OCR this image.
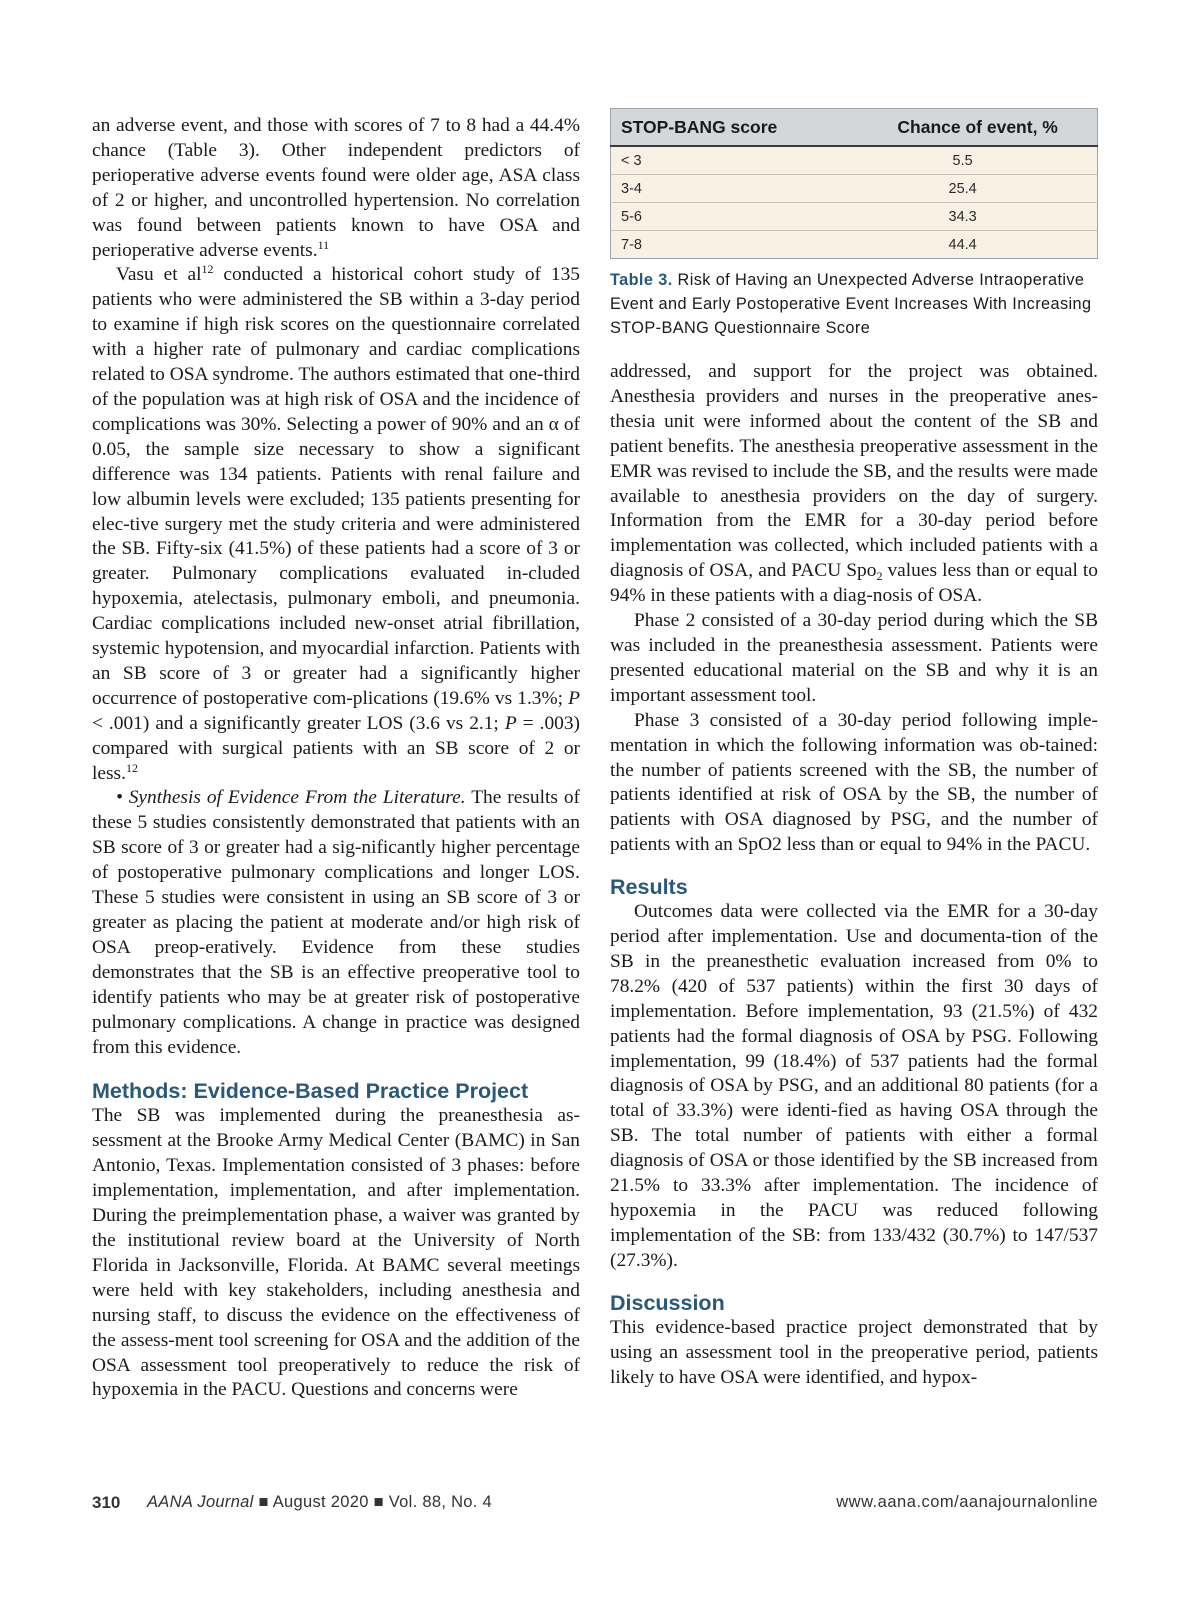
an adverse event, and those with scores of 7 to 8 had a 44.4% chance (Table 3). Other independent predictors of perioperative adverse events found were older age, ASA class of 2 or higher, and uncontrolled hypertension. No correlation was found between patients known to have OSA and perioperative adverse events.$^{11}$

Vasu et $al^{12}$ conducted a historical cohort study of 135 patients who were administered the SB within a 3-day period to examine if high risk scores on the questionnaire correlated with a higher rate of pulmonary and cardiac complications related to OSA syndrome. The authors estimated that one-third of the population was at high risk of OSA and the incidence of complications was 30%. Selecting a power of 90% and an α of 0.05, the sample size necessary to show a significant difference was 134 patients. Patients with renal failure and low albumin levels were excluded; 135 patients presenting for elec-tive surgery met the study criteria and were administered the SB. Fifty-six (41.5%) of these patients had a score of 3 or greater. Pulmonary complications evaluated in-cluded hypoxemia, atelectasis, pulmonary emboli, and pneumonia. Cardiac complications included new-onset atrial fibrillation, systemic hypotension, and myocardial infarction. Patients with an SB score of 3 or greater had a significantly higher occurrence of postoperative com-plications (19.6% vs 1.3%; P < .001) and a significantly greater LOS (3.6 vs 2.1; P = .003) compared with surgical patients with an SB score of 2 or less.$^{12}$

• Synthesis of Evidence From the Literature. The results of these 5 studies consistently demonstrated that patients with an SB score of 3 or greater had a sig-nificantly higher percentage of postoperative pulmonary complications and longer LOS. These 5 studies were consistent in using an SB score of 3 or greater as placing the patient at moderate and/or high risk of OSA preop-eratively. Evidence from these studies demonstrates that the SB is an effective preoperative tool to identify patients who may be at greater risk of postoperative pulmonary complications. A change in practice was designed from this evidence.

Methods: Evidence-Based Practice Project

The SB was implemented during the preanesthesia as-sessment at the Brooke Army Medical Center (BAMC) in San Antonio, Texas. Implementation consisted of 3 phases: before implementation, implementation, and after implementation. During the preimplementation phase, a waiver was granted by the institutional review board at the University of North Florida in Jacksonville, Florida. At BAMC several meetings were held with key stakeholders, including anesthesia and nursing staff, to discuss the evidence on the effectiveness of the assess-ment tool screening for OSA and the addition of the OSA assessment tool preoperatively to reduce the risk of hypoxemia in the PACU. Questions and concerns were

STOP-BANG score	Chance of event, %
< 3	5.5
3-4	25.4
5-6	34.3
7-8	44.4
Table 3. Risk of Having an Unexpected Adverse Intraoperative Event and Early Postoperative Event Increases With Increasing STOP-BANG Questionnaire Score

addressed, and support for the project was obtained. Anesthesia providers and nurses in the preoperative anes-thesia unit were informed about the content of the SB and patient benefits. The anesthesia preoperative assessment in the EMR was revised to include the SB, and the results were made available to anesthesia providers on the day of surgery. Information from the EMR for a 30-day period before implementation was collected, which included patients with a diagnosis of OSA, and PACU Spo$_2$ values less than or equal to 94% in these patients with a diag-nosis of OSA.

Phase 2 consisted of a 30-day period during which the SB was included in the preanesthesia assessment. Patients were presented educational material on the SB and why it is an important assessment tool.

Phase 3 consisted of a 30-day period following imple-mentation in which the following information was ob-tained: the number of patients screened with the SB, the number of patients identified at risk of OSA by the SB, the number of patients with OSA diagnosed by PSG, and the number of patients with an SpO2 less than or equal to 94% in the PACU.

Results

Outcomes data were collected via the EMR for a 30-day period after implementation. Use and documenta-tion of the SB in the preanesthetic evaluation increased from 0% to 78.2% (420 of 537 patients) within the first 30 days of implementation. Before implementation, 93 (21.5%) of 432 patients had the formal diagnosis of OSA by PSG. Following implementation, 99 (18.4%) of 537 patients had the formal diagnosis of OSA by PSG, and an additional 80 patients (for a total of 33.3%) were identi-fied as having OSA through the SB. The total number of patients with either a formal diagnosis of OSA or those identified by the SB increased from 21.5% to 33.3% after implementation. The incidence of hypoxemia in the PACU was reduced following implementation of the SB: from 133/432 (30.7%) to 147/537 (27.3%).

Discussion

This evidence-based practice project demonstrated that by using an assessment tool in the preoperative period, patients likely to have OSA were identified, and hypox-

310 AANA Journal ■ August 2020 ■ Vol. 88, No. 4	www.aana.com/aanajournalonline
